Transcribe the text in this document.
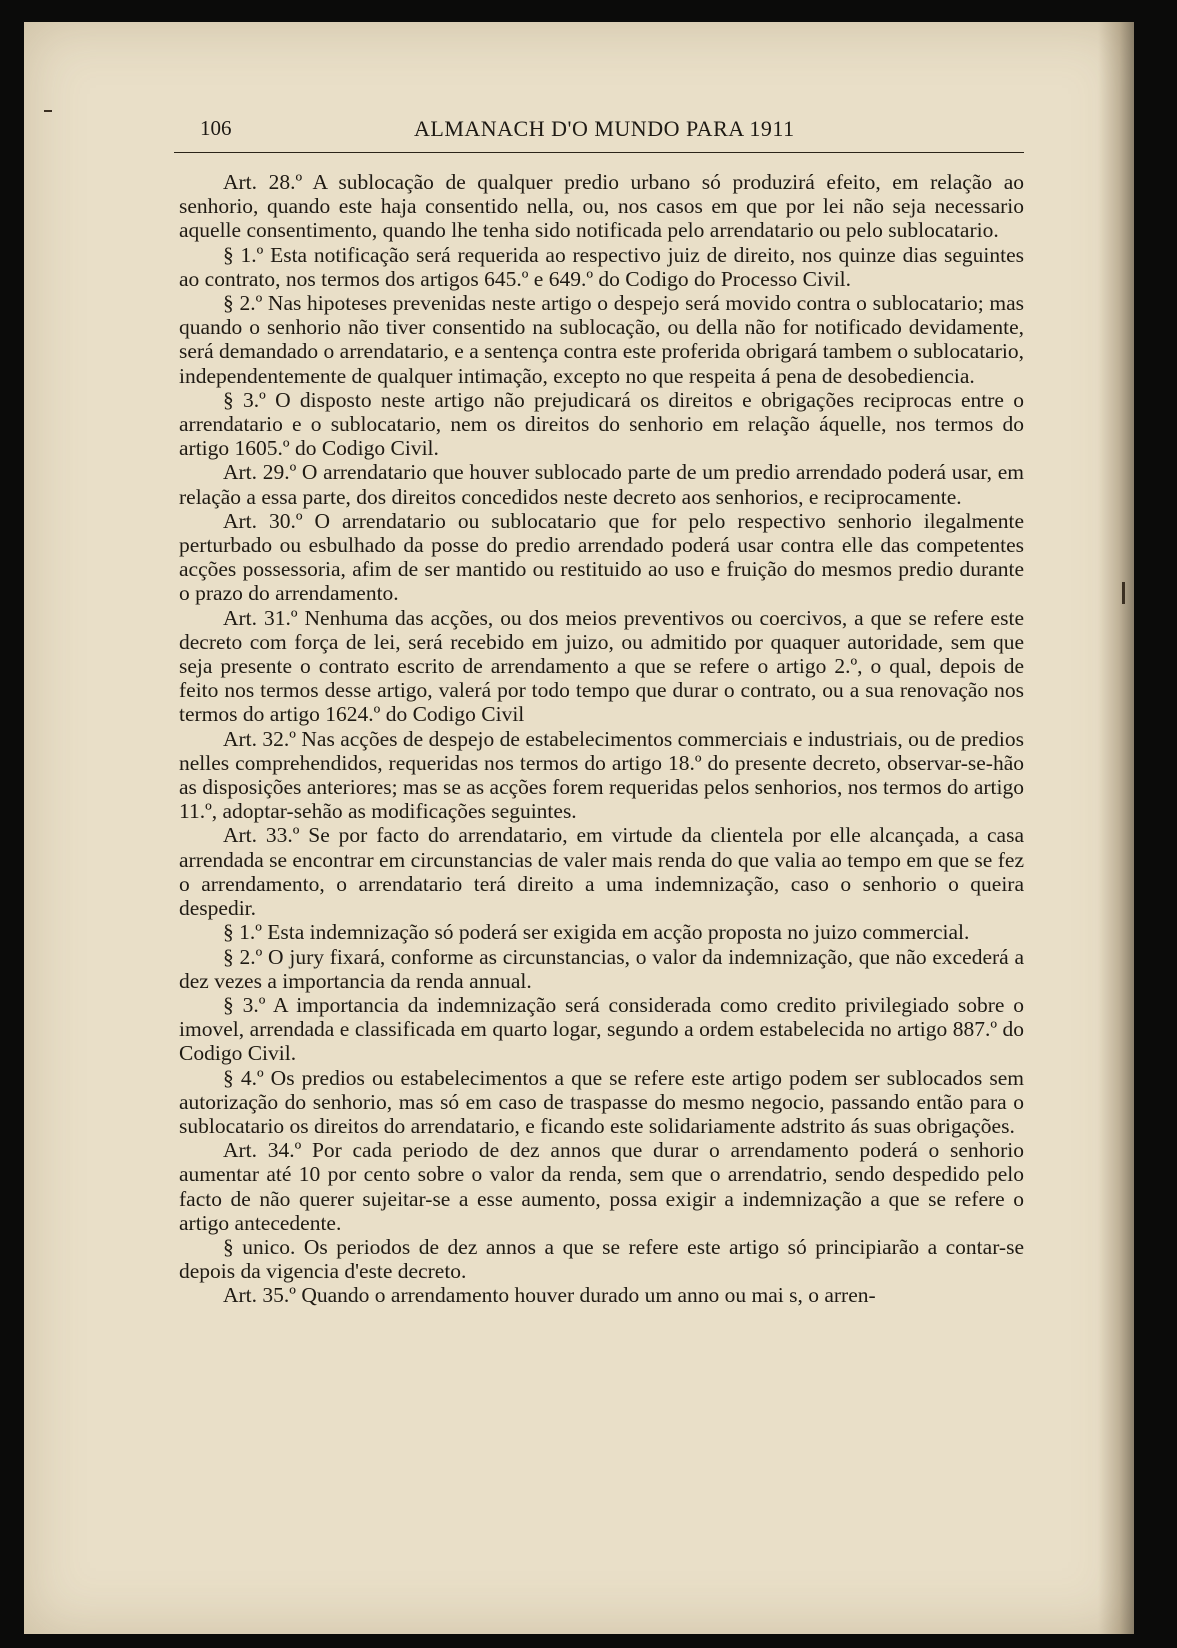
106	ALMANACH D'O MUNDO PARA 1911

Art. 28.º A sublocação de qualquer predio urbano só produzirá efeito, em relação ao senhorio, quando este haja consentido nella, ou, nos casos em que por lei não seja necessario aquelle consentimento, quando lhe tenha sido notificada pelo arrendatario ou pelo sublocatario.

§ 1.º Esta notificação será requerida ao respectivo juiz de direito, nos quinze dias seguintes ao contrato, nos termos dos artigos 645.º e 649.º do Codigo do Processo Civil.

§ 2.º Nas hipoteses prevenidas neste artigo o despejo será movido contra o sublocatario; mas quando o senhorio não tiver consentido na sublocação, ou della não for notificado devidamente, será demandado o arrendatario, e a sentença contra este proferida obrigará tambem o sublocatario, independentemente de qualquer intimação, excepto no que respeita á pena de desobediencia.

§ 3.º O disposto neste artigo não prejudicará os direitos e obrigações reciprocas entre o arrendatario e o sublocatario, nem os direitos do senhorio em relação áquelle, nos termos do artigo 1605.º do Codigo Civil.

Art. 29.º O arrendatario que houver sublocado parte de um predio arrendado poderá usar, em relação a essa parte, dos direitos concedidos neste decreto aos senhorios, e reciprocamente.

Art. 30.º O arrendatario ou sublocatario que for pelo respectivo senhorio ilegalmente perturbado ou esbulhado da posse do predio arrendado poderá usar contra elle das competentes acções possessoria, afim de ser mantido ou restituido ao uso e fruição do mesmos predio durante o prazo do arrendamento.

Art. 31.º Nenhuma das acções, ou dos meios preventivos ou coercivos, a que se refere este decreto com força de lei, será recebido em juizo, ou admitido por quaquer autoridade, sem que seja presente o contrato escrito de arrendamento a que se refere o artigo 2.º, o qual, depois de feito nos termos desse artigo, valerá por todo tempo que durar o contrato, ou a sua renovação nos termos do artigo 1624.º do Codigo Civil

Art. 32.º Nas acções de despejo de estabelecimentos commerciais e industriais, ou de predios nelles comprehendidos, requeridas nos termos do artigo 18.º do presente decreto, observar-se-hão as disposições anteriores; mas se as acções forem requeridas pelos senhorios, nos termos do artigo 11.º, adoptar-sehão as modificações seguintes.

Art. 33.º Se por facto do arrendatario, em virtude da clientela por elle alcançada, a casa arrendada se encontrar em circunstancias de valer mais renda do que valia ao tempo em que se fez o arrendamento, o arrendatario terá direito a uma indemnização, caso o senhorio o queira despedir.

§ 1.º Esta indemnização só poderá ser exigida em acção proposta no juizo commercial.

§ 2.º O jury fixará, conforme as circunstancias, o valor da indemnização, que não excederá a dez vezes a importancia da renda annual.

§ 3.º A importancia da indemnização será considerada como credito privilegiado sobre o imovel, arrendada e classificada em quarto logar, segundo a ordem estabelecida no artigo 887.º do Codigo Civil.

§ 4.º Os predios ou estabelecimentos a que se refere este artigo podem ser sublocados sem autorização do senhorio, mas só em caso de traspasse do mesmo negocio, passando então para o sublocatario os direitos do arrendatario, e ficando este solidariamente adstrito ás suas obrigações.

Art. 34.º Por cada periodo de dez annos que durar o arrendamento poderá o senhorio aumentar até 10 por cento sobre o valor da renda, sem que o arrendatrio, sendo despedido pelo facto de não querer sujeitar-se a esse aumento, possa exigir a indemnização a que se refere o artigo antecedente.

§ unico. Os periodos de dez annos a que se refere este artigo só principiarão a contar-se depois da vigencia d'este decreto.

Art. 35.º Quando o arrendamento houver durado um anno ou mai s, o arren-
